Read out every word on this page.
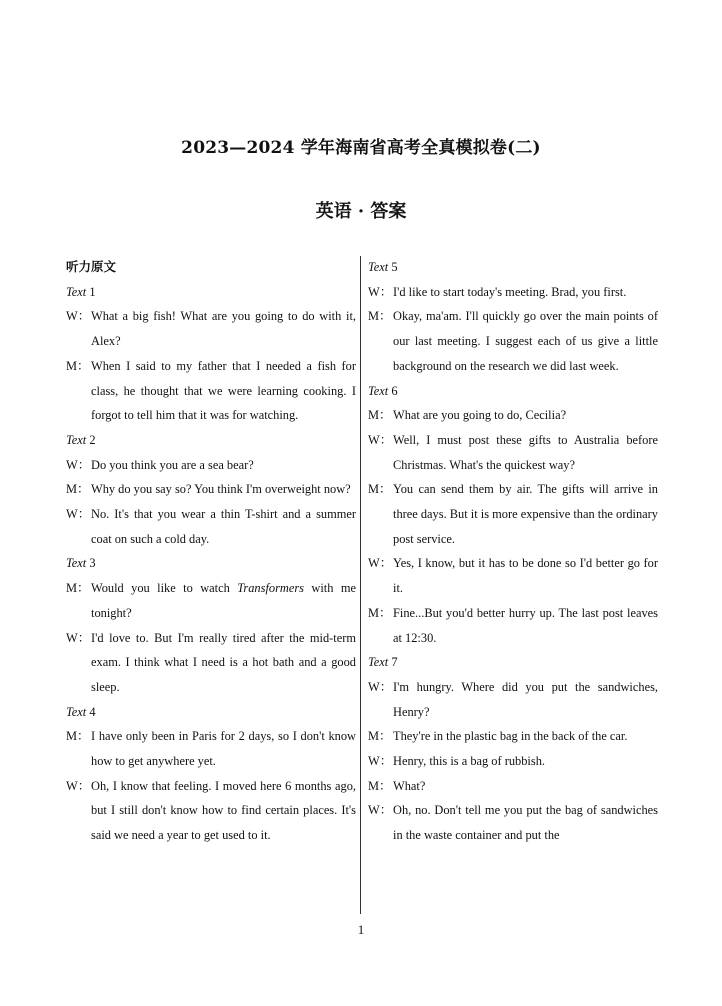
2023—2024 学年海南省高考全真模拟卷(二)
英语 · 答案
听力原文
Text 1
W：What a big fish! What are you going to do with it, Alex?
M： When I said to my father that I needed a fish for class, he thought that we were learning cooking. I forgot to tell him that it was for watching.
Text 2
W：Do you think you are a sea bear?
M： Why do you say so? You think I'm overweight now?
W：No. It's that you wear a thin T-shirt and a summer coat on such a cold day.
Text 3
M： Would you like to watch Transformers with me tonight?
W：I'd love to. But I'm really tired after the mid-term exam. I think what I need is a hot bath and a good sleep.
Text 4
M： I have only been in Paris for 2 days, so I don't know how to get anywhere yet.
W：Oh, I know that feeling. I moved here 6 months ago, but I still don't know how to find certain places. It's said we need a year to get used to it.
Text 5
W：I'd like to start today's meeting. Brad, you first.
M： Okay, ma'am. I'll quickly go over the main points of our last meeting. I suggest each of us give a little background on the research we did last week.
Text 6
M： What are you going to do, Cecilia?
W：Well, I must post these gifts to Australia before Christmas. What's the quickest way?
M： You can send them by air. The gifts will arrive in three days. But it is more expensive than the ordinary post service.
W：Yes, I know, but it has to be done so I'd better go for it.
M： Fine...But you'd better hurry up. The last post leaves at 12:30.
Text 7
W：I'm hungry. Where did you put the sandwiches, Henry?
M： They're in the plastic bag in the back of the car.
W：Henry, this is a bag of rubbish.
M： What?
W：Oh, no. Don't tell me you put the bag of sandwiches in the waste container and put the
1
